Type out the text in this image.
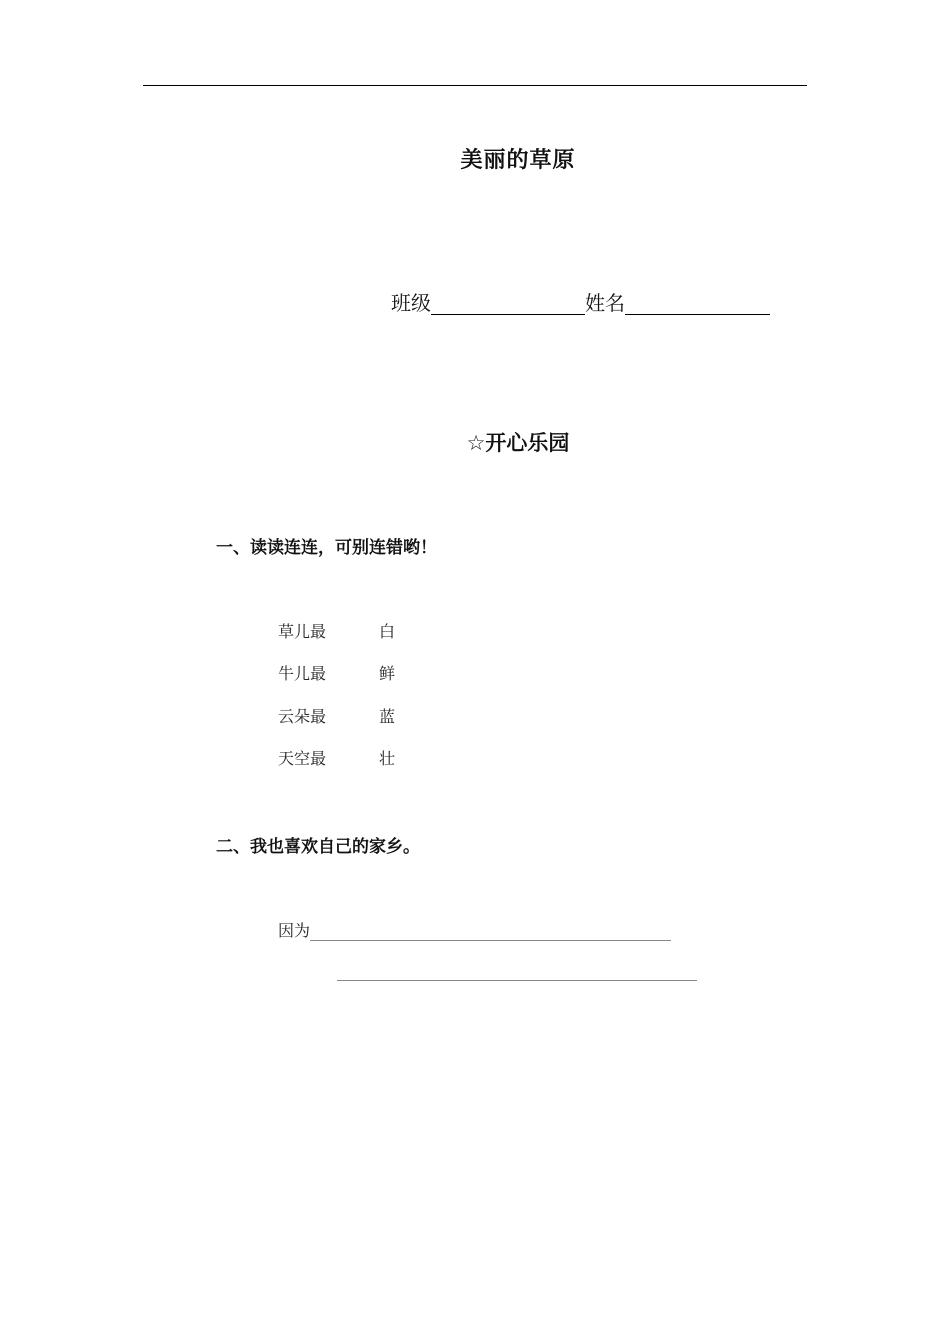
美丽的草原
班级	姓名
☆开心乐园
一、读读连连，可别连错哟！
草儿最	白
牛儿最	鲜
云朵最	蓝
天空最	壮
二、我也喜欢自己的家乡。
因为
